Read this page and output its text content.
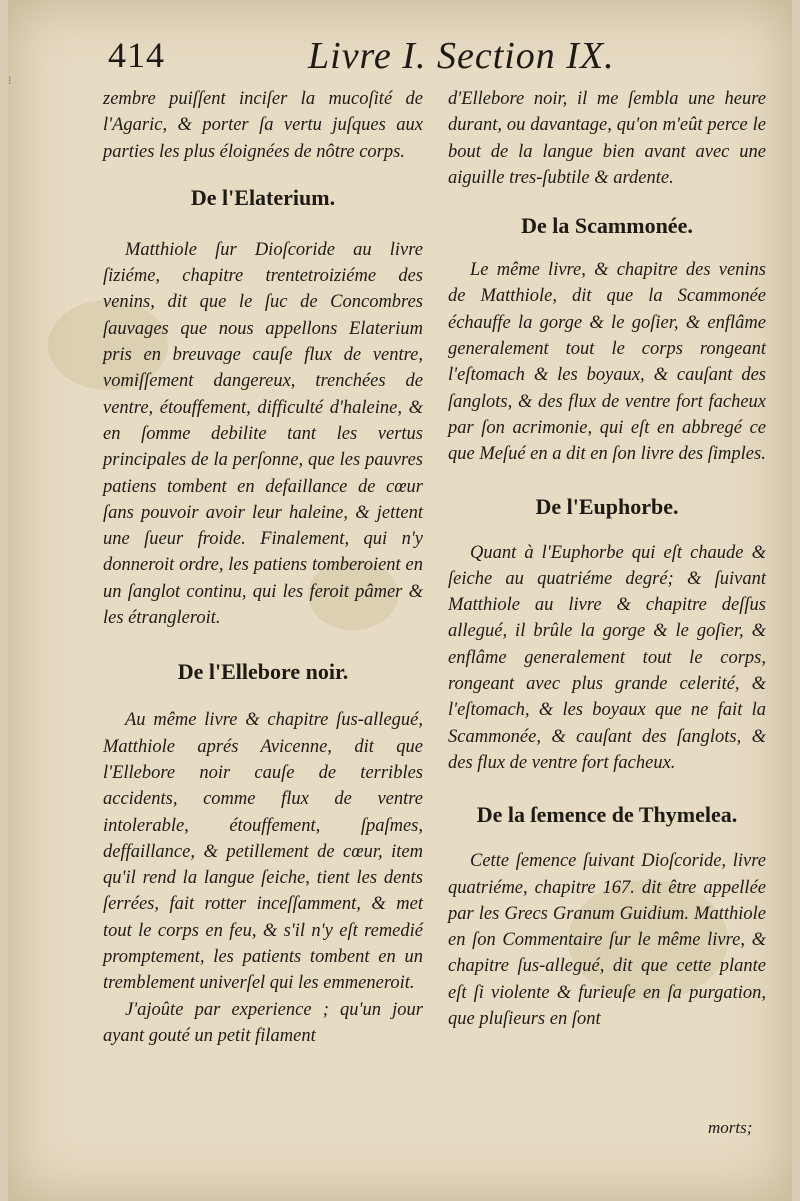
⁝
414	Livre I. Section IX.

zembre puiſſent inciſer la mucoſité de l'Agaric, & porter ſa vertu juſques aux parties les plus éloignées de nôtre corps.

De l'Elaterium.

Matthiole ſur Dioſcoride au livre ſiziéme, chapitre trentetroiziéme des venins, dit que le ſuc de Concombres ſauvages que nous appellons Elaterium pris en breuvage cauſe flux de ventre, vomiſſement dangereux, trenchées de ventre, étouffement, difficulté d'haleine, & en ſomme debilite tant les vertus principales de la perſonne, que les pauvres patiens tombent en defaillance de cœur ſans pouvoir avoir leur haleine, & jettent une ſueur froide. Finalement, qui n'y donneroit ordre, les patiens tomberoient en un ſanglot continu, qui les feroit pâmer & les étrangleroit.

De l'Ellebore noir.

Au même livre & chapitre ſus-allegué, Matthiole aprés Avicenne, dit que l'Ellebore noir cauſe de terribles accidents, comme flux de ventre intolerable, étouffement, ſpaſmes, deffaillance, & petillement de cœur, item qu'il rend la langue ſeiche, tient les dents ſerrées, fait rotter inceſſamment, & met tout le corps en feu, & s'il n'y eſt remedié promptement, les patients tombent en un tremblement univerſel qui les emmeneroit.

J'ajoûte par experience ; qu'un jour ayant gouté un petit filament

d'Ellebore noir, il me ſembla une heure durant, ou davantage, qu'on m'eût perce le bout de la langue bien avant avec une aiguille tres-ſubtile & ardente.

De la Scammonée.

Le même livre, & chapitre des venins de Matthiole, dit que la Scammonée échauffe la gorge & le goſier, & enflâme generalement tout le corps rongeant l'eſtomach & les boyaux, & cauſant des ſanglots, & des flux de ventre fort facheux par ſon acrimonie, qui eſt en abbregé ce que Meſué en a dit en ſon livre des ſimples.

De l'Euphorbe.

Quant à l'Euphorbe qui eſt chaude & ſeiche au quatriéme degré; & ſuivant Matthiole au livre & chapitre deſſus allegué, il brûle la gorge & le goſier, & enflâme generalement tout le corps, rongeant avec plus grande celerité, & l'eſtomach, & les boyaux que ne fait la Scammonée, & cauſant des ſanglots, & des flux de ventre fort facheux.

De la ſemence de Thymelea.

Cette ſemence ſuivant Dioſcoride, livre quatriéme, chapitre 167. dit être appellée par les Grecs Granum Guidium. Matthiole en ſon Commentaire ſur le même livre, & chapitre ſus-allegué, dit que cette plante eſt ſi violente & furieuſe en ſa purgation, que pluſieurs en ſont

morts;
